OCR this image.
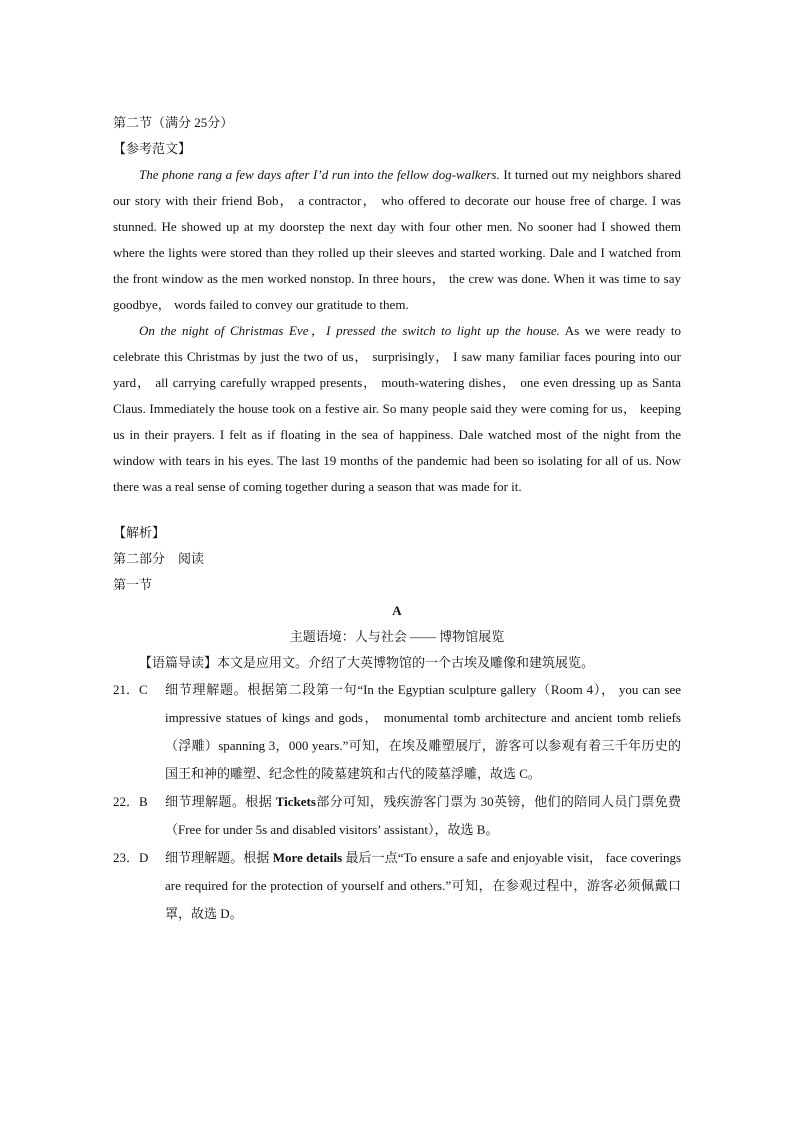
第二节（满分 25分）

【参考范文】

The phone rang a few days after I’d run into the fellow dog-walkers. It turned out my neighbors shared our story with their friend Bob， a contractor， who offered to decorate our house free of charge. I was stunned. He showed up at my doorstep the next day with four other men. No sooner had I showed them where the lights were stored than they rolled up their sleeves and started working. Dale and I watched from the front window as the men worked nonstop. In three hours， the crew was done. When it was time to say goodbye， words failed to convey our gratitude to them.

On the night of Christmas Eve，I pressed the switch to light up the house. As we were ready to celebrate this Christmas by just the two of us， surprisingly， I saw many familiar faces pouring into our yard， all carrying carefully wrapped presents， mouth-watering dishes， one even dressing up as Santa Claus. Immediately the house took on a festive air. So many people said they were coming for us， keeping us in their prayers. I felt as if floating in the sea of happiness. Dale watched most of the night from the window with tears in his eyes. The last 19 months of the pandemic had been so isolating for all of us. Now there was a real sense of coming together during a season that was made for it.

【解析】

第二部分　阅读

第一节

A

主题语境：人与社会 —— 博物馆展览

【语篇导读】本文是应用文。介绍了大英博物馆的一个古埃及雕像和建筑展览。

21．C	细节理解题。根据第二段第一句“In the Egyptian sculpture gallery（Room 4）， you can see impressive statues of kings and gods， monumental tomb architecture and ancient tomb reliefs（浮雕）spanning 3，000 years.”可知，在埃及雕塑展厅，游客可以参观有着三千年历史的国王和神的雕塑、纪念性的陵墓建筑和古代的陵墓浮雕，故选 C。
22．B	细节理解题。根据 Tickets部分可知，残疾游客门票为 30英镑，他们的陪同人员门票免费（Free for under 5s and disabled visitors’ assistant），故选 B。
23．D	细节理解题。根据 More details 最后一点“To ensure a safe and enjoyable visit， face coverings are required for the protection of yourself and others.”可知，在参观过程中，游客必须佩戴口罩，故选 D。
